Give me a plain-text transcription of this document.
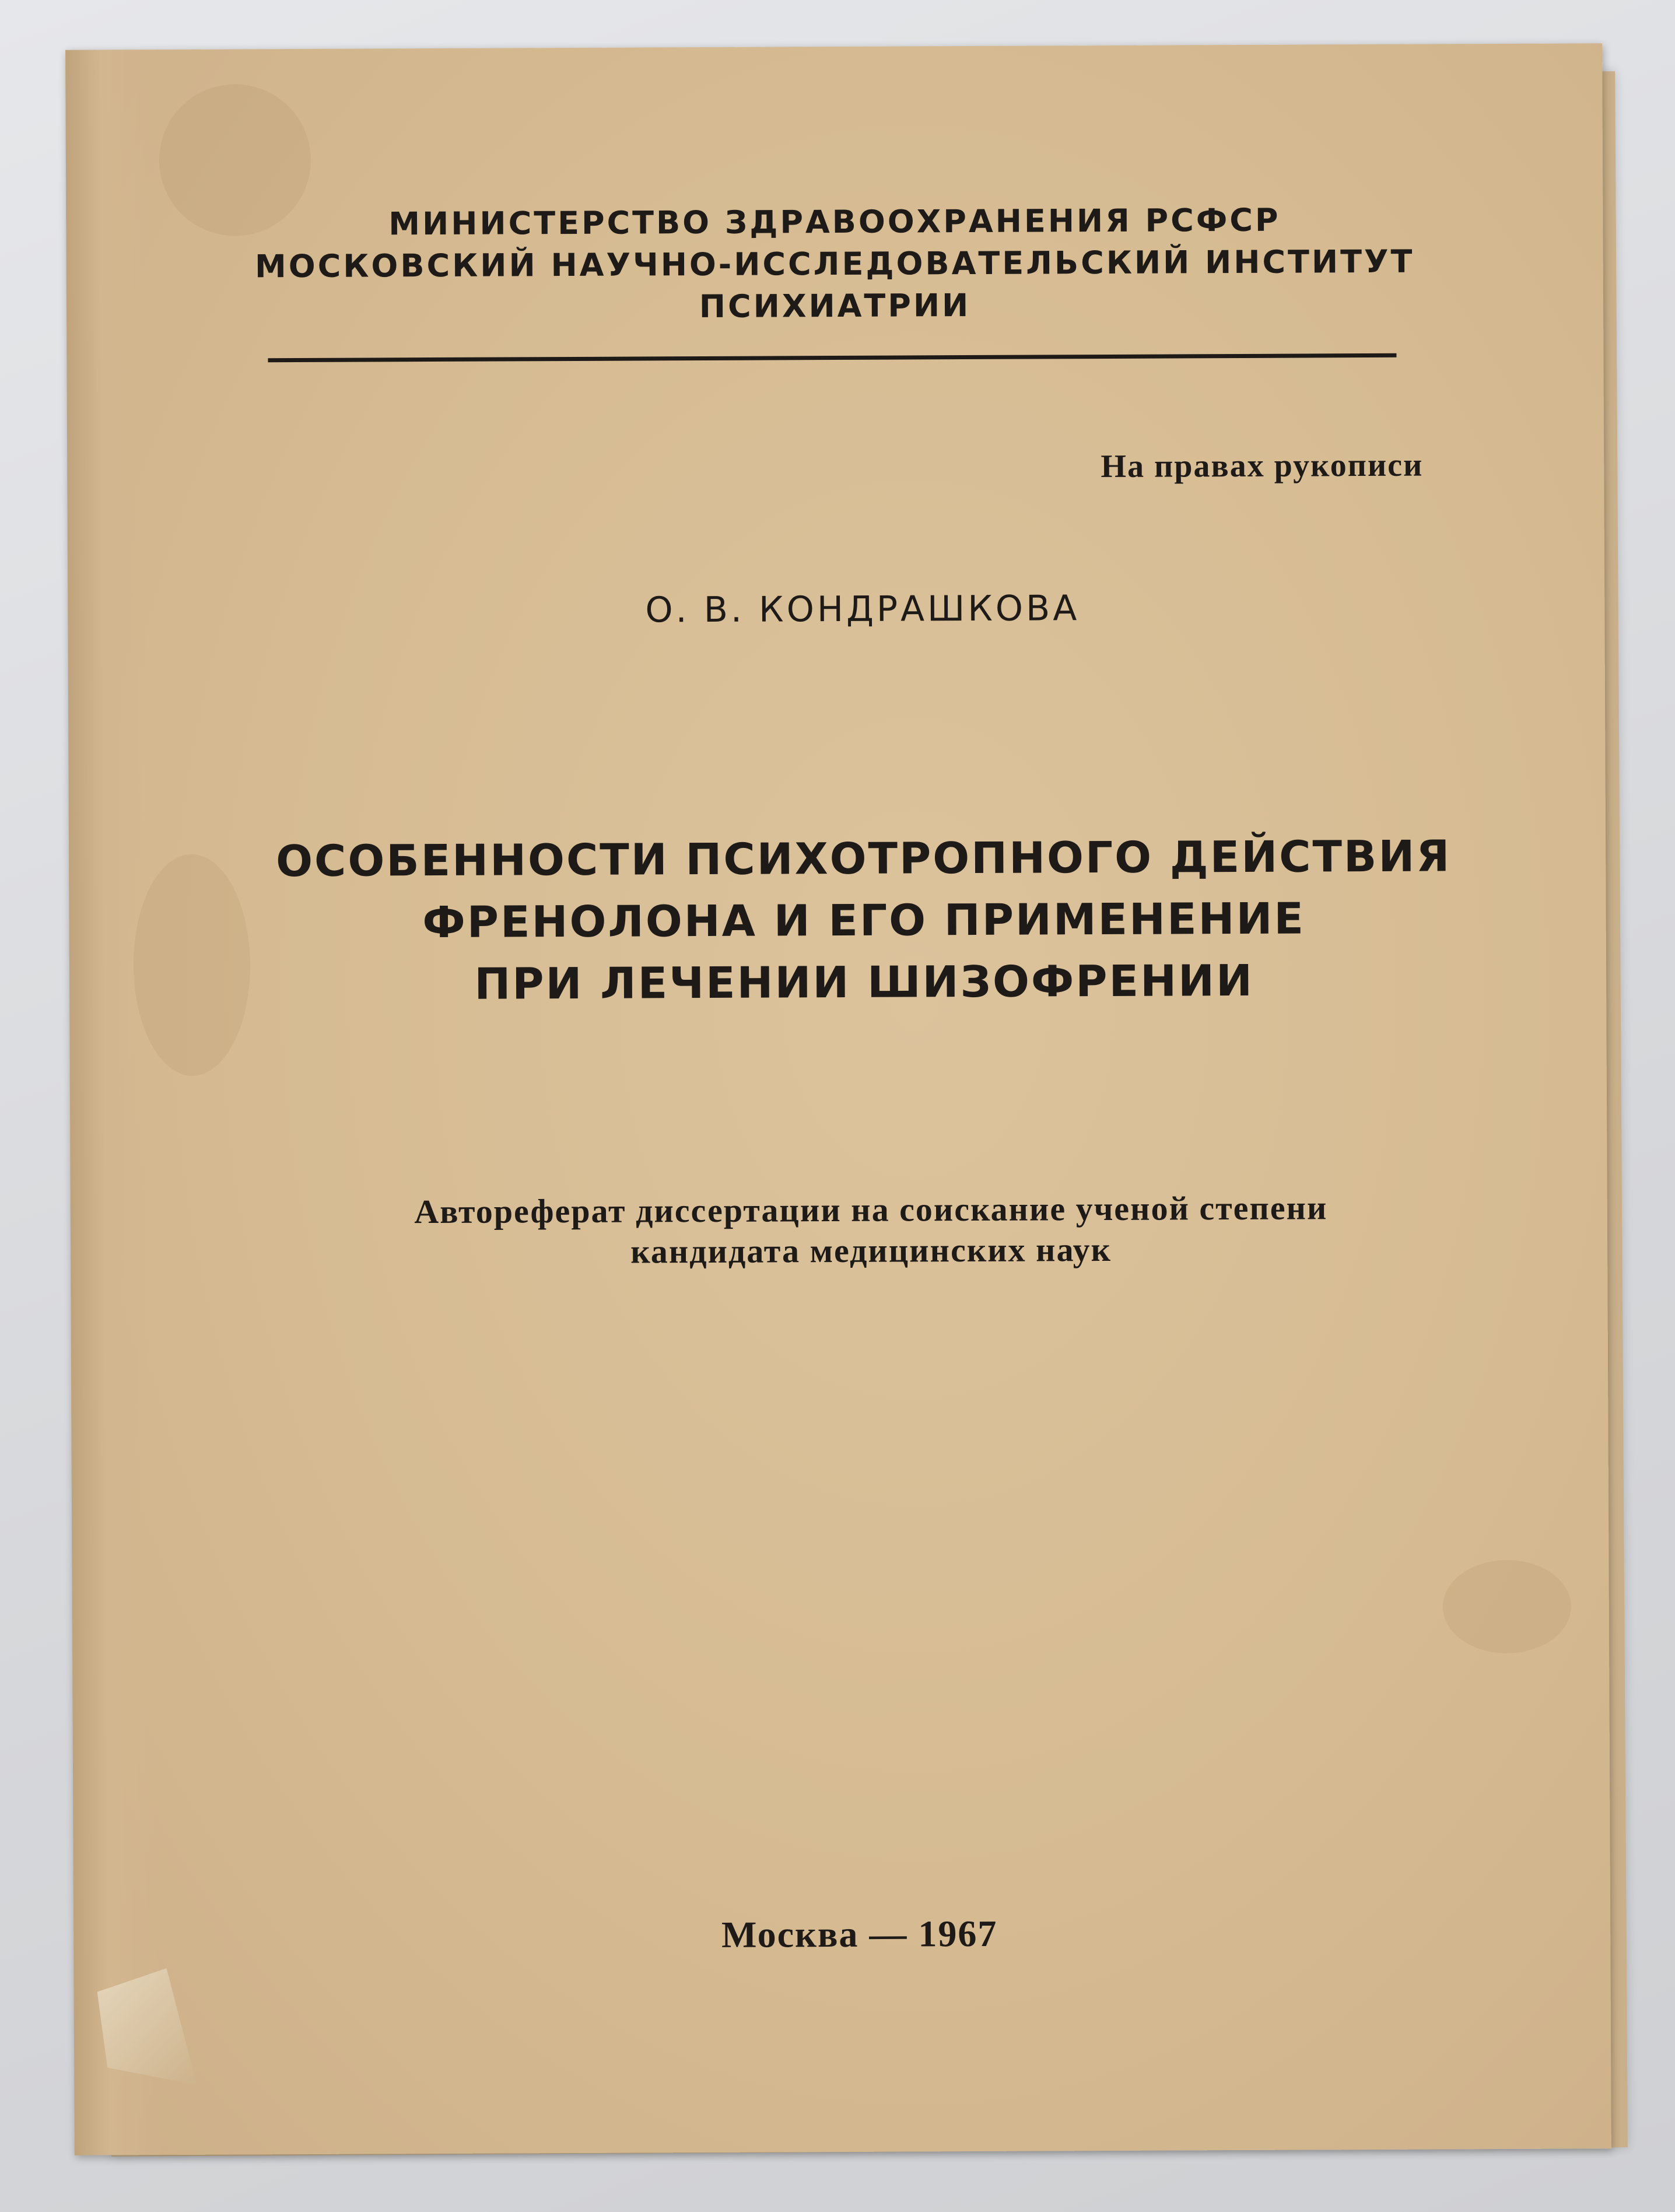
МИНИСТЕРСТВО ЗДРАВООХРАНЕНИЯ РСФСР
МОСКОВСКИЙ НАУЧНО-ИССЛЕДОВАТЕЛЬСКИЙ ИНСТИТУТ
ПСИХИАТРИИ
На правах рукописи
О. В. КОНДРАШКОВА
ОСОБЕННОСТИ ПСИХОТРОПНОГО ДЕЙСТВИЯ
ФРЕНОЛОНА И ЕГО ПРИМЕНЕНИЕ
ПРИ ЛЕЧЕНИИ ШИЗОФРЕНИИ
Автореферат диссертации на соискание ученой степени
кандидата медицинских наук
Москва — 1967
